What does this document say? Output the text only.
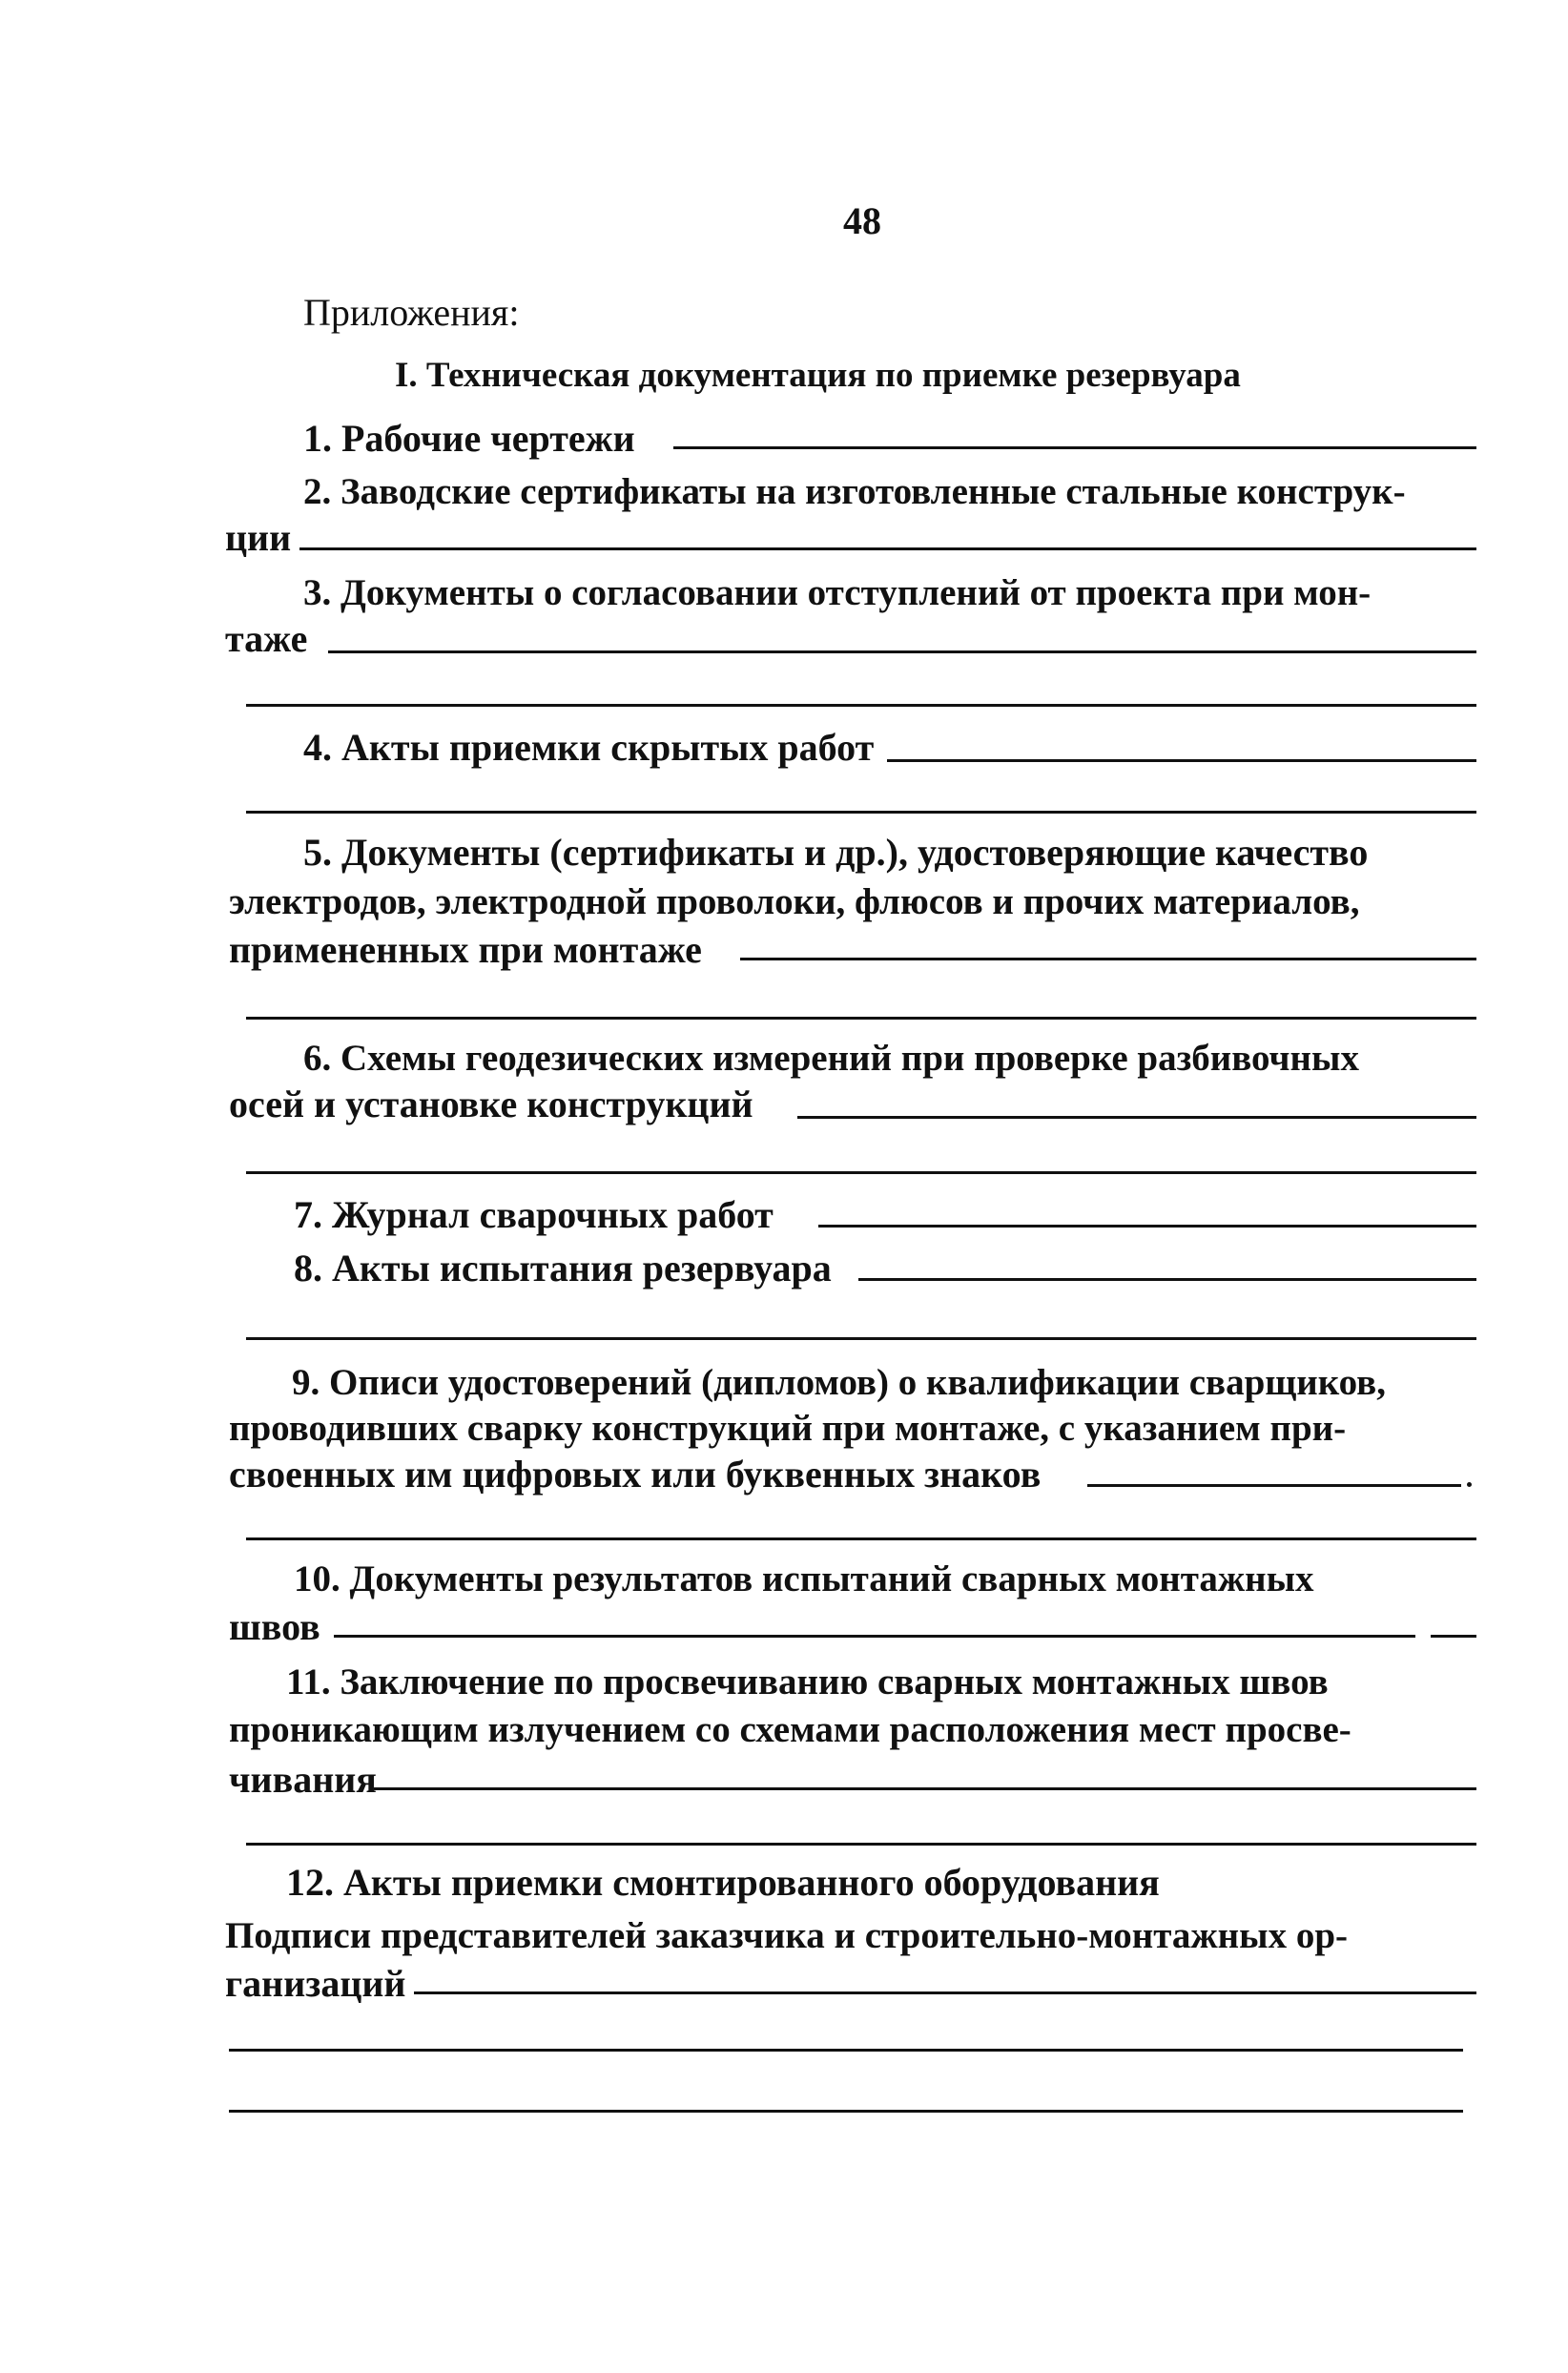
48
Приложения:
I. Техническая документация по приемке резервуара
1. Рабочие чертежи
2. Заводские сертификаты на изготовленные стальные конструк-
ции
3. Документы о согласовании отступлений от проекта при мон-
таже
4. Акты приемки скрытых работ
5. Документы (сертификаты и др.), удостоверяющие качество
электродов, электродной проволоки, флюсов и прочих материалов,
примененных при монтаже
6. Схемы геодезических измерений при проверке разбивочных
осей и установке конструкций
7. Журнал сварочных работ
8. Акты испытания резервуара
9. Описи удостоверений (дипломов) о квалификации сварщиков,
проводивших сварку конструкций при монтаже, с указанием при-
своенных им цифровых или буквенных знаков
10. Документы результатов испытаний сварных монтажных
швов
11. Заключение по просвечиванию сварных монтажных швов
проникающим излучением со схемами расположения мест просве-
чивания
12. Акты приемки смонтированного оборудования
Подписи представителей заказчика и строительно-монтажных ор-
ганизаций
